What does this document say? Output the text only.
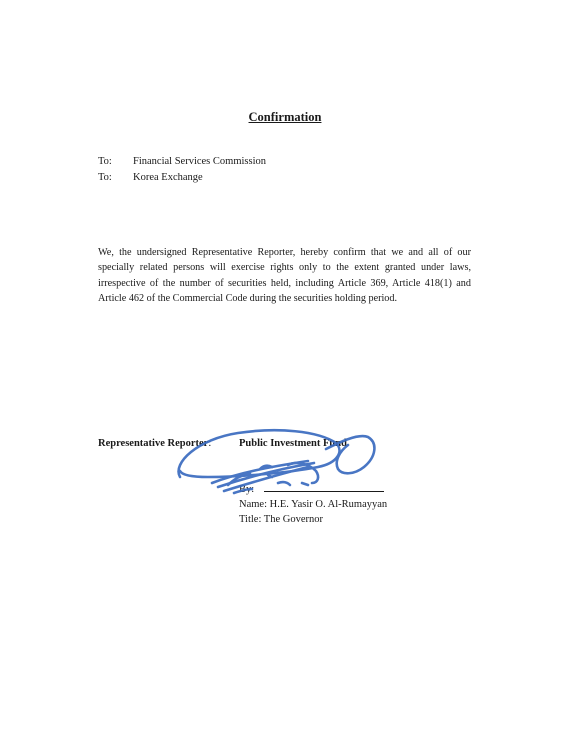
Confirmation
To: Financial Services Commission
To: Korea Exchange
We, the undersigned Representative Reporter, hereby confirm that we and all of our specially related persons will exercise rights only to the extent granted under laws, irrespective of the number of securities held, including Article 369, Article 418(1) and Article 462 of the Commercial Code during the securities holding period.
Representative Reporter:	Public Investment Fund
By:
Name: H.E. Yasir O. Al-Rumayyan
Title: The Governor
